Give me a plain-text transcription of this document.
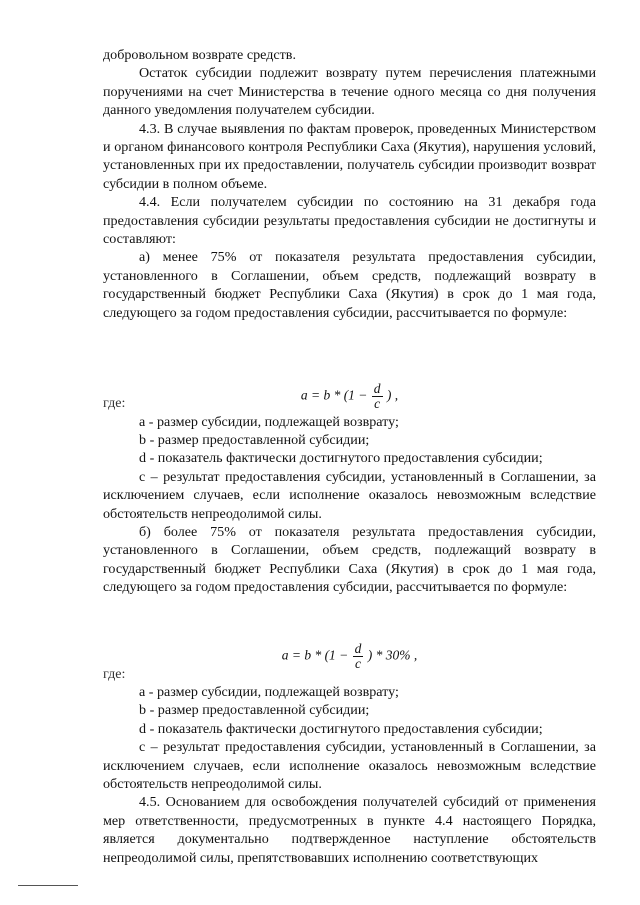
добровольном возврате средств.

Остаток субсидии подлежит возврату путем перечисления платежными поручениями на счет Министерства в течение одного месяца со дня получения данного уведомления получателем субсидии.

4.3. В случае выявления по фактам проверок, проведенных Министерством и органом финансового контроля Республики Саха (Якутия), нарушения условий, установленных при их предоставлении, получатель субсидии производит возврат субсидии в полном объеме.

4.4. Если получателем субсидии по состоянию на 31 декабря года предоставления субсидии результаты предоставления субсидии не достигнуты и составляют:

а) менее 75% от показателя результата предоставления субсидии, установленного в Соглашении, объем средств, подлежащий возврату в государственный бюджет Республики Саха (Якутия) в срок до 1 мая года, следующего за годом предоставления субсидии, рассчитывается по формуле:

где:

а - размер субсидии, подлежащей возврату;

b - размер предоставленной субсидии;

d - показатель фактически достигнутого предоставления субсидии;

с – результат предоставления субсидии, установленный в Соглашении, за исключением случаев, если исполнение оказалось невозможным вследствие обстоятельств непреодолимой силы.

б) более 75% от показателя результата предоставления субсидии, установленного в Соглашении, объем средств, подлежащий возврату в государственный бюджет Республики Саха (Якутия) в срок до 1 мая года, следующего за годом предоставления субсидии, рассчитывается по формуле:

где:

а - размер субсидии, подлежащей возврату;

b - размер предоставленной субсидии;

d - показатель фактически достигнутого предоставления субсидии;

с – результат предоставления субсидии, установленный в Соглашении, за исключением случаев, если исполнение оказалось невозможным вследствие обстоятельств непреодолимой силы.

4.5. Основанием для освобождения получателей субсидий от применения мер ответственности, предусмотренных в пункте 4.4 настоящего Порядка, является документально подтвержденное наступление обстоятельств непреодолимой силы, препятствовавших исполнению соответствующих

$a = b * (1 - \frac{d}{c}$ ) ,
$a = b * (1 - \frac{d}{c}$ ) * 30% ,
